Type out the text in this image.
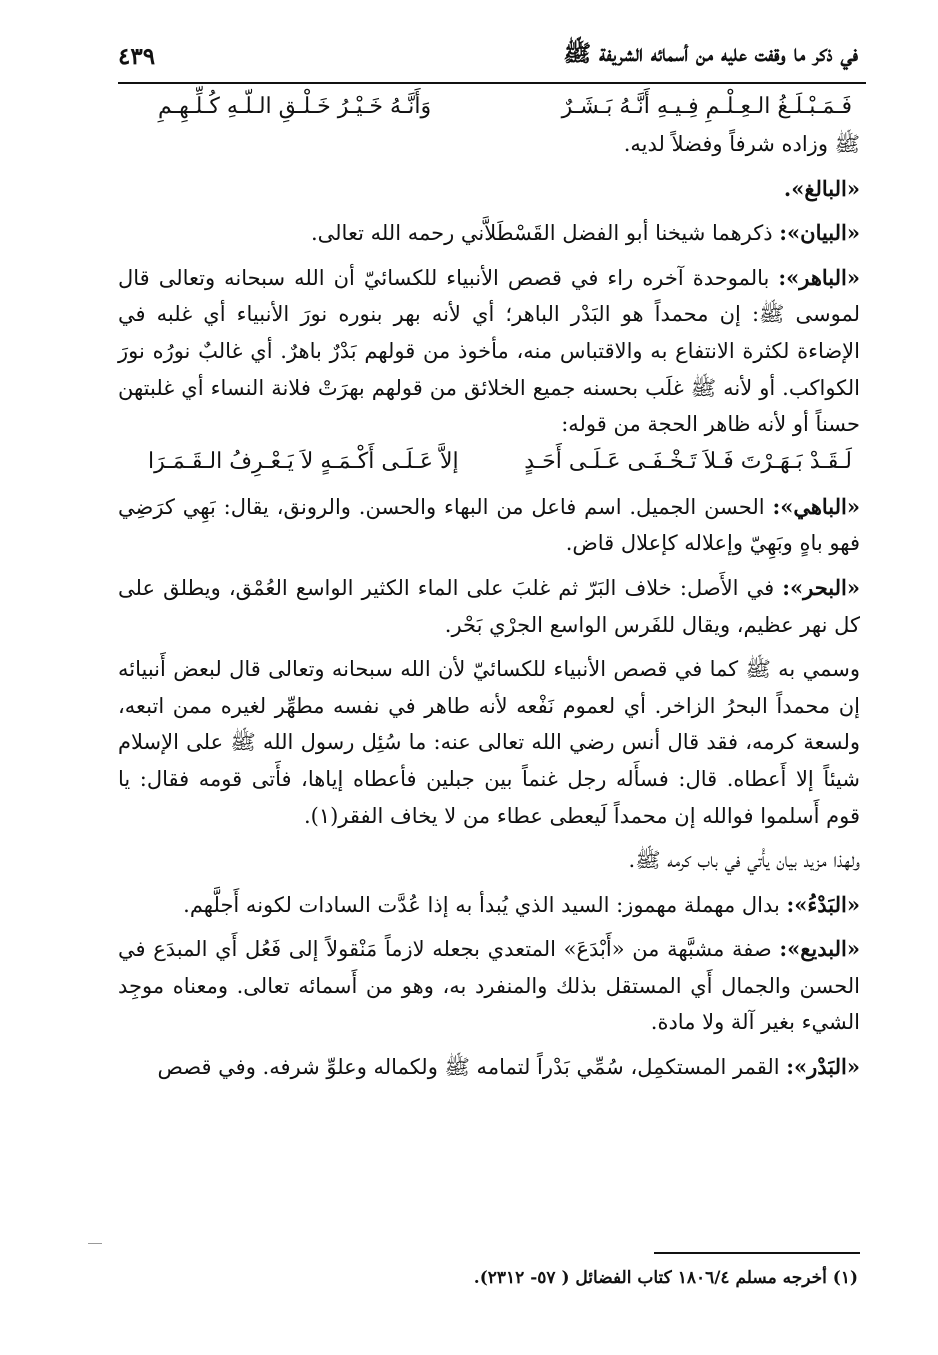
في ذكر ما وقفت عليه من أسمائه الشريفة ﷺ
٤٣٩
فَـمَـبْـلَـغُ الـعِـلْـمِ فِـيـهِ أَنَّـهُ بَـشَـرٌ
وَأَنَّـهُ خَـيْـرُ خَـلْـقِ الـلّـهِ كُـلِّـهِـمِ

ﷺ وزاده شرفاً وفضلاً لديه.

«البالغ».

«البيان»: ذكرهما شيخنا أبو الفضل القَسْطَلاَّني رحمه الله تعالى.

«الباهر»: بالموحدة آخره راء في قصص الأنبياء للكسائيّ أن الله سبحانه وتعالى قال لموسى ﷺ: إن محمداً هو البَدْر الباهر؛ أي لأنه بهر بنوره نورَ الأنبياء أي غلبه في الإضاءة لكثرة الانتفاع به والاقتباس منه، مأخوذ من قولهم بَدْرٌ باهرٌ. أي غالبٌ نورُه نورَ الكواكب. أو لأنه ﷺ غلَب بحسنه جميع الخلائق من قولهم بهرَتْ فلانة النساء أي غلبتهن حسناً أو لأنه ظاهر الحجة من قوله:

لَـقَـدْ بَـهَـرْتَ فَـلاَ تَـخْـفَـى عَـلَـى أَحَـدٍ
إلاَّ عَـلَـى أَكْـمَـهٍ لاَ يَـعْـرِفُ الـقَـمَـرَا

«الباهي»: الحسن الجميل. اسم فاعل من البهاء والحسن. والرونق، يقال: بَهِي كرَضِي فهو باهٍ وبَهِيّ وإعلاله كإعلال قاض.

«البحر»: في الأَصل: خلاف البَرّ ثم غلبَ على الماء الكثير الواسع العُمْق، ويطلق على كل نهر عظيم، ويقال للفَرس الواسع الجرْي بَحْر.

وسمي به ﷺ كما في قصص الأنبياء للكسائيّ لأن الله سبحانه وتعالى قال لبعض أَنبيائه إن محمداً البحرُ الزاخر. أي لعموم نَفْعه لأنه طاهر في نفسه مطهِّر لغيره ممن اتبعه، ولسعة كرمه، فقد قال أنس رضي الله تعالى عنه: ما سُئِل رسول الله ﷺ على الإسلام شيئاً إلا أَعطاه. قال: فسأَله رجل غنماً بين جبلين فأعطاه إياها، فأَتى قومه فقال: يا قوم أَسلموا فوالله إن محمداً لَيعطى عطاء من لا يخاف الفقر(١).

ولهذا مزيد بيان يأْتي في باب كرمه ﷺ.

«البَدْءُ»: بدال مهملة مهموز: السيد الذي يُبدأ به إذا عُدَّت السادات لكونه أَجلَّهم.

«البديع»: صفة مشبَّهة من «أَبْدَعَ» المتعدي بجعله لازماً مَنْقولاً إلى فَعُل أَي المبدَع في الحسن والجمال أَي المستقل بذلك والمنفرد به، وهو من أَسمائه تعالى. ومعناه موجِد الشيء بغير آلة ولا مادة.

«البَدْر»: القمر المستكمِل، سُمِّي بَدْراً لتمامه ﷺ ولكماله وعلوِّ شرفه. وفي قصص

(١) أخرجه مسلم ١٨٠٦/٤ كتاب الفضائل ( ٥٧- ٢٣١٢).
